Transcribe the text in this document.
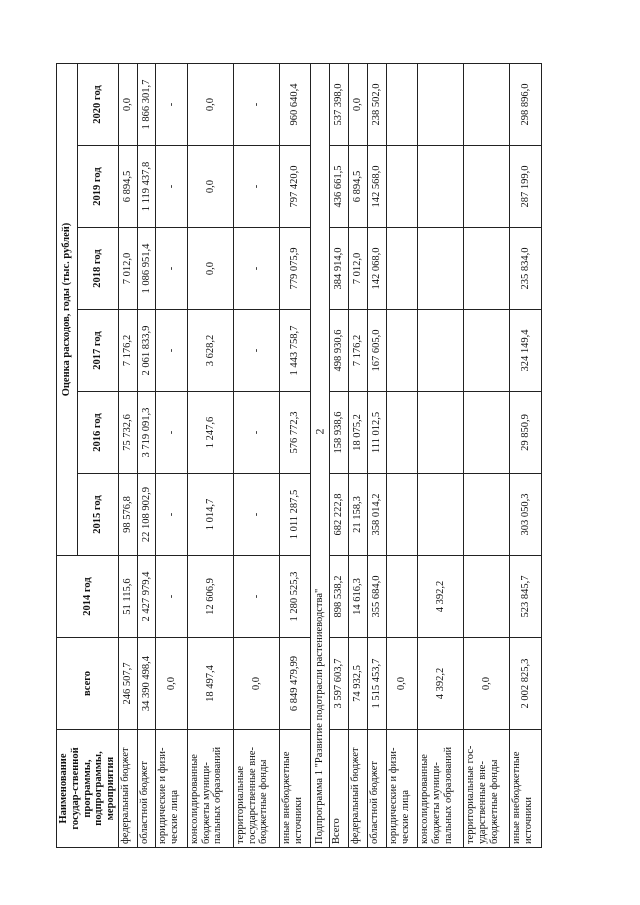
2
Наименование государ-ственной программы, подпрограммы, мероприятия	всего	2014 год	Оценка расходов, годы (тыс. рублей)					
			2015 год	2016 год	2017 год	2018 год	2019 год	2020 год
федеральный бюджет	246 507,7	51 115,6	98 576,8	75 732,6	7 176,2	7 012,0	6 894,5	0,0
областной бюджет	34 390 498,4	2 427 979,4	22 108 902,9	3 719 091,3	2 061 833,9	1 086 951,4	1 119 437,8	1 866 301,7
юридические и физи-ческие лица	0,0	-	-	-	-	-	-	-
консолидированные бюджеты муници-пальных образований	18 497,4	12 606,9	1 014,7	1 247,6	3 628,2	0,0	0,0	0,0
территориальные государственные вне-бюджетные фонды	0,0	-	-	-	-	-	-	-
иные внебюджетные источники	6 849 479,99	1 280 525,3	1 011 287,5	576 772,3	1 443 758,7	779 075,9	797 420,0	960 640,4
Подпрограмма 1 "Развитие подотрасли растениеводства"								
Всего	3 597 603,7	898 538,2	682 222,8	158 938,6	498 930,6	384 914,0	436 661,5	537 398,0
федеральный бюджет	74 932,5	14 616,3	21 158,3	18 075,2	7 176,2	7 012,0	6 894,5	0,0
областной бюджет	1 515 453,7	355 684,0	358 014,2	111 012,5	167 605,0	142 068,0	142 568,0	238 502,0
юридические и физи-ческие лица	0,0							
консолидированные бюджеты муници-пальных образований	4 392,2	4 392,2						
территориальные гос-ударственные вне-бюджетные фонды	0,0							
иные внебюджетные источники	2 002 825,3	523 845,7	303 050,3	29 850,9	324 149,4	235 834,0	287 199,0	298 896,0
